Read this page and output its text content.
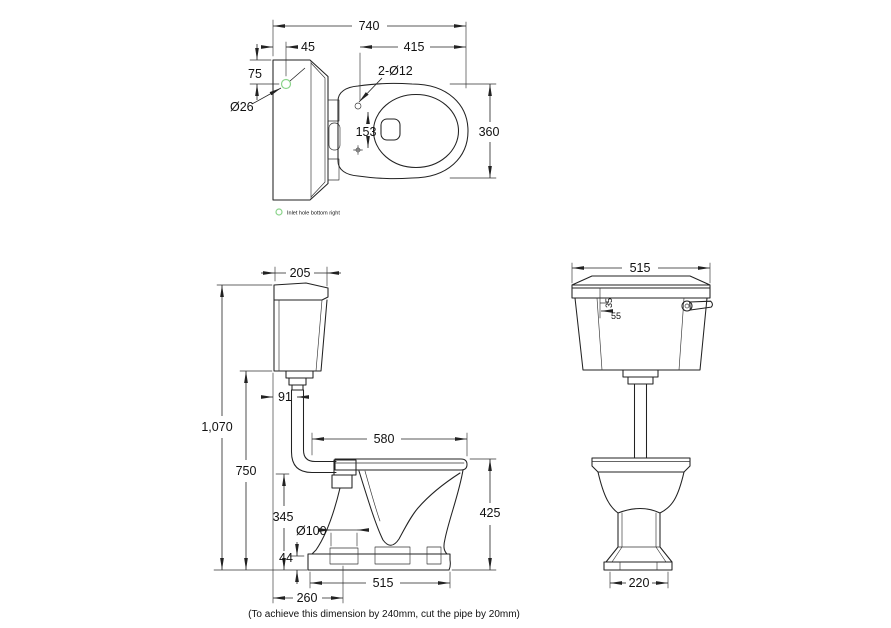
740
45	415
75
Ø26
2-Ø12
153	360
Inlet hole bottom right
1,070
750
345
44
Ø100
515
260
425
580
205
91
35
55
515
220
(To achieve this dimension by 240mm, cut the pipe by 20mm)
